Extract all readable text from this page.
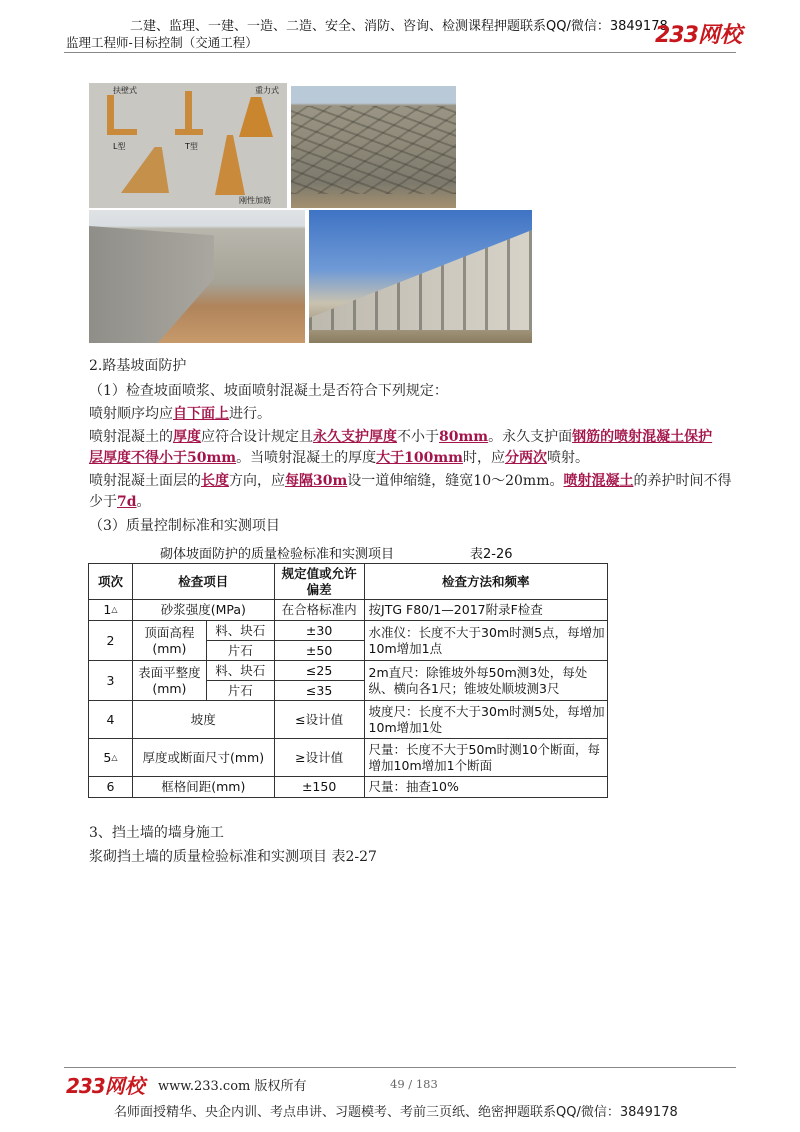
二建、监理、一建、一造、二造、安全、消防、咨询、检测课程押题联系QQ/微信：3849178
监理工程师-目标控制（交通工程）	233网校
扶壁式	重力式
L型	T型
刚性加筋
2.路基坡面防护
（1）检查坡面喷浆、坡面喷射混凝土是否符合下列规定：
喷射顺序均应自下面上进行。
喷射混凝土的厚度应符合设计规定且永久支护厚度不小于80mm。永久支护面钢筋的喷射混凝土保护
层厚度不得小于50mm。当喷射混凝土的厚度大于100mm时，应分两次喷射。
喷射混凝土面层的长度方向，应每隔30m设一道伸缩缝，缝宽10～20mm。喷射混凝土的养护时间不得
少于7d。
（3）质量控制标准和实测项目
砌体坡面防护的质量检验标准和实测项目	表2-26
项次	检查项目		规定值或允许偏差	检查方法和频率
1△	砂浆强度(MPa)		在合格标准内	按JTG F80/1—2017附录F检查
2	顶面高程(mm)	料、块石	±30	水准仪：长度不大于30m时测5点，每增加10m增加1点
		片石	±50	
3	表面平整度(mm)	料、块石	≤25	2m直尺：除锥坡外每50m测3处，每处纵、横向各1尺；锥坡处顺坡测3尺
		片石	≤35	
4	坡度		≤设计值	坡度尺：长度不大于30m时测5处，每增加10m增加1处
5△	厚度或断面尺寸(mm)		≥设计值	尺量：长度不大于50m时测10个断面，每增加10m增加1个断面
6	框格间距(mm)		±150	尺量：抽查10%
3、挡土墙的墙身施工
浆砌挡土墙的质量检验标准和实测项目 表2-27
233网校 www.233.com 版权所有	49 / 183
名师面授精华、央企内训、考点串讲、习题模考、考前三页纸、绝密押题联系QQ/微信：3849178
